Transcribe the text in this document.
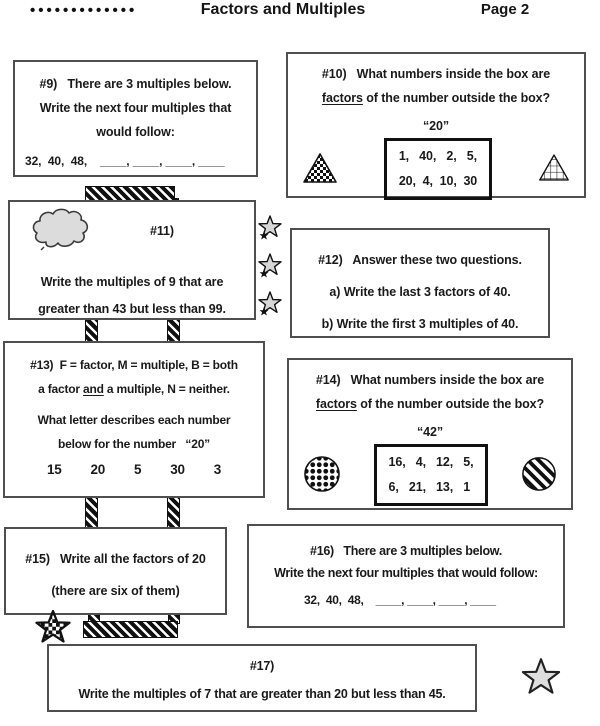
•••••••••••••	Factors and Multiples	Page 2
#9)   There are 3 multiples below.
Write the next four multiples that
would follow:
32,  40,  48,    ____, ____, ____, ____
#10)   What numbers inside the box are
factors of the number outside the box?
“20”
1,   40,   2,   5,
20,  4,  10,  30
#11)
Write the multiples of 9 that are
greater than 43 but less than 99.
#12)   Answer these two questions.
a) Write the last 3 factors of 40.
b) Write the first 3 multiples of 40.
#13)  F = factor, M = multiple, B = both
a factor and a multiple, N = neither.
What letter describes each number
below for the number   “20”
15 20 5 30 3
#14)   What numbers inside the box are
factors of the number outside the box?
“42”
16,   4,   12,   5,
6,   21,   13,   1
#15)   Write all the factors of 20
(there are six of them)
#16)   There are 3 multiples below.
Write the next four multiples that would follow:
32,  40,  48,    ____, ____, ____, ____
#17)
Write the multiples of 7 that are greater than 20 but less than 45.
